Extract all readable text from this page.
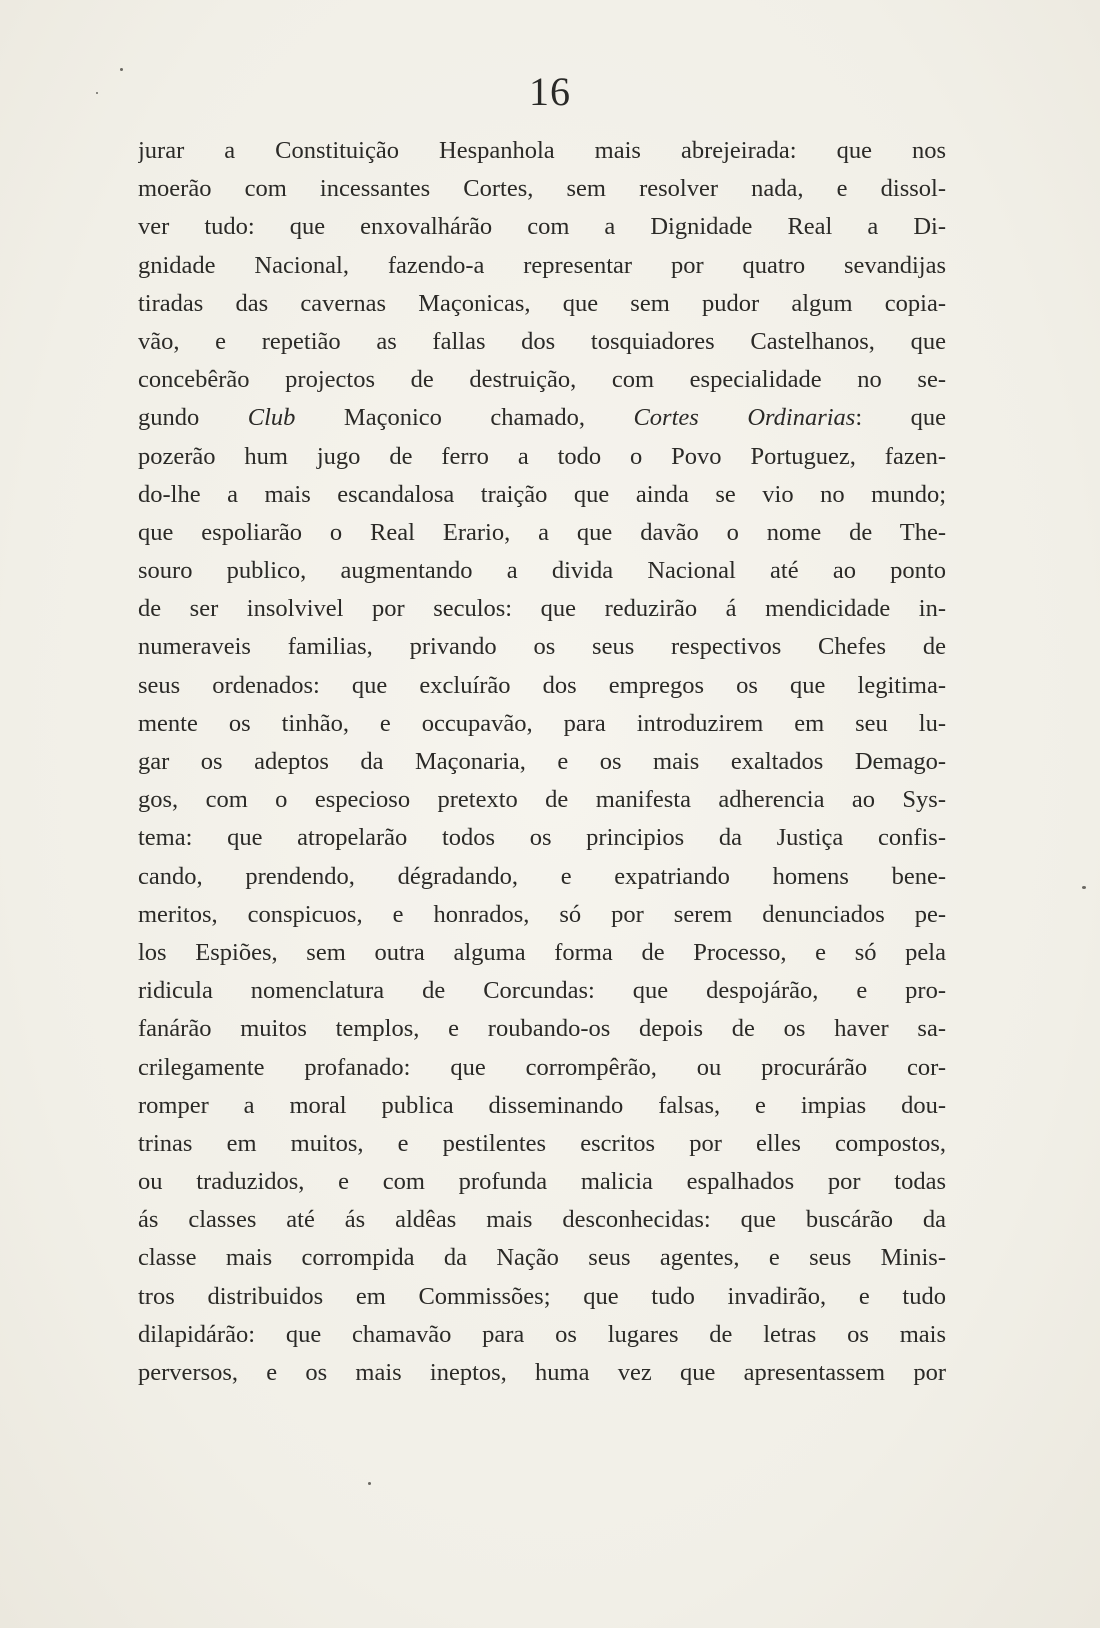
16
jurar a Constituição Hespanhola mais abrejeirada: que nos
moerão com incessantes Cortes, sem resolver nada, e dissol-
ver tudo: que enxovalhárão com a Dignidade Real a Di-
gnidade Nacional, fazendo-a representar por quatro sevandijas
tiradas das cavernas Maçonicas, que sem pudor algum copia-
vão, e repetião as fallas dos tosquiadores Castelhanos, que
concebêrão projectos de destruição, com especialidade no se-
gundo Club Maçonico chamado, Cortes Ordinarias: que
pozerão hum jugo de ferro a todo o Povo Portuguez, fazen-
do-lhe a mais escandalosa traição que ainda se vio no mundo;
que espoliarão o Real Erario, a que davão o nome de The-
souro publico, augmentando a divida Nacional até ao ponto
de ser insolvivel por seculos: que reduzirão á mendicidade in-
numeraveis familias, privando os seus respectivos Chefes de
seus ordenados: que excluírão dos empregos os que legitima-
mente os tinhão, e occupavão, para introduzirem em seu lu-
gar os adeptos da Maçonaria, e os mais exaltados Demago-
gos, com o especioso pretexto de manifesta adherencia ao Sys-
tema: que atropelarão todos os principios da Justiça confis-
cando, prendendo, dégradando, e expatriando homens bene-
meritos, conspicuos, e honrados, só por serem denunciados pe-
los Espiões, sem outra alguma forma de Processo, e só pela
ridicula nomenclatura de Corcundas: que despojárão, e pro-
fanárão muitos templos, e roubando-os depois de os haver sa-
crilegamente profanado: que corrompêrão, ou procurárão cor-
romper a moral publica disseminando falsas, e impias dou-
trinas em muitos, e pestilentes escritos por elles compostos,
ou traduzidos, e com profunda malicia espalhados por todas
ás classes até ás aldêas mais desconhecidas: que buscárão da
classe mais corrompida da Nação seus agentes, e seus Minis-
tros distribuidos em Commissões; que tudo invadirão, e tudo
dilapidárão: que chamavão para os lugares de letras os mais
perversos, e os mais ineptos, huma vez que apresentassem por
